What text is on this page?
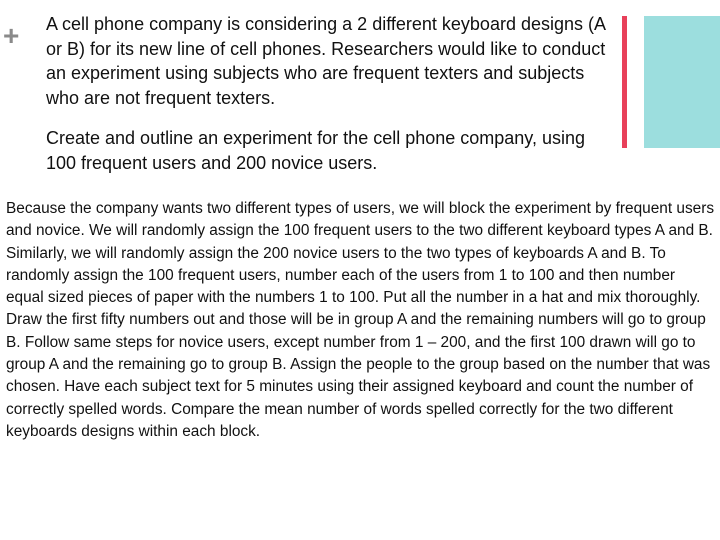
+ A cell phone company is considering a 2 different keyboard designs (A or B) for its new line of cell phones. Researchers would like to conduct an experiment using subjects who are frequent texters and subjects who are not frequent texters.

Create and outline an experiment for the cell phone company, using 100 frequent users and 200 novice users.

Because the company wants two different types of users, we will block the experiment by frequent users and novice. We will randomly assign the 100 frequent users to the two different keyboard types A and B. Similarly, we will randomly assign the 200 novice users to the two types of keyboards A and B. To randomly assign the 100 frequent users, number each of the users from 1 to 100 and then number equal sized pieces of paper with the numbers 1 to 100. Put all the number in a hat and mix thoroughly. Draw the first fifty numbers out and those will be in group A and the remaining numbers will go to group B. Follow same steps for novice users, except number from 1 – 200, and the first 100 drawn will go to group A and the remaining go to group B. Assign the people to the group based on the number that was chosen. Have each subject text for 5 minutes using their assigned keyboard and count the number of correctly spelled words. Compare the mean number of words spelled correctly for the two different keyboards designs within each block.
